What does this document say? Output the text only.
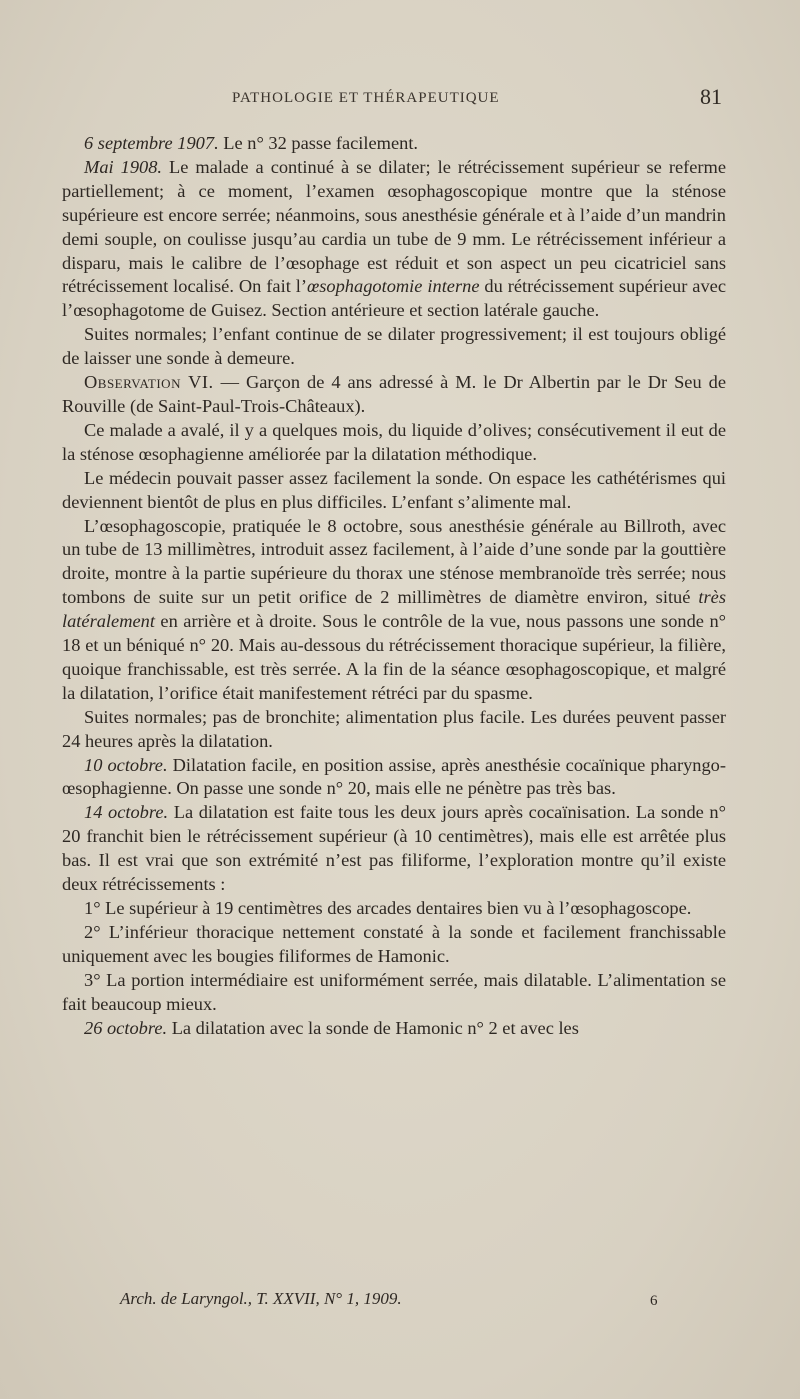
PATHOLOGIE ET THÉRAPEUTIQUE	81

6 septembre 1907. Le n° 32 passe facilement.

Mai 1908. Le malade a continué à se dilater; le rétrécissement supérieur se referme partiellement; à ce moment, l’examen œsophagoscopique montre que la sténose supérieure est encore serrée; néanmoins, sous anesthésie générale et à l’aide d’un mandrin demi souple, on coulisse jusqu’au cardia un tube de 9 mm. Le rétrécissement inférieur a disparu, mais le calibre de l’œsophage est réduit et son aspect un peu cicatriciel sans rétrécissement localisé. On fait l’œsophagotomie interne du rétrécissement supérieur avec l’œsophagotome de Guisez. Section antérieure et section latérale gauche.

Suites normales; l’enfant continue de se dilater progressivement; il est toujours obligé de laisser une sonde à demeure.

Observation VI. — Garçon de 4 ans adressé à M. le Dr Albertin par le Dr Seu de Rouville (de Saint-Paul-Trois-Châteaux).

Ce malade a avalé, il y a quelques mois, du liquide d’olives; consécutivement il eut de la sténose œsophagienne améliorée par la dilatation méthodique.

Le médecin pouvait passer assez facilement la sonde. On espace les cathétérismes qui deviennent bientôt de plus en plus difficiles. L’enfant s’alimente mal.

L’œsophagoscopie, pratiquée le 8 octobre, sous anesthésie générale au Billroth, avec un tube de 13 millimètres, introduit assez facilement, à l’aide d’une sonde par la gouttière droite, montre à la partie supérieure du thorax une sténose membranoïde très serrée; nous tombons de suite sur un petit orifice de 2 millimètres de diamètre environ, situé très latéralement en arrière et à droite. Sous le contrôle de la vue, nous passons une sonde n° 18 et un béniqué n° 20. Mais au-dessous du rétrécissement thoracique supérieur, la filière, quoique franchissable, est très serrée. A la fin de la séance œsophagoscopique, et malgré la dilatation, l’orifice était manifestement rétréci par du spasme.

Suites normales; pas de bronchite; alimentation plus facile. Les durées peuvent passer 24 heures après la dilatation.

10 octobre. Dilatation facile, en position assise, après anesthésie cocaïnique pharyngo-œsophagienne. On passe une sonde n° 20, mais elle ne pénètre pas très bas.

14 octobre. La dilatation est faite tous les deux jours après cocaïnisation. La sonde n° 20 franchit bien le rétrécissement supérieur (à 10 centimètres), mais elle est arrêtée plus bas. Il est vrai que son extrémité n’est pas filiforme, l’exploration montre qu’il existe deux rétrécissements :

1° Le supérieur à 19 centimètres des arcades dentaires bien vu à l’œsophagoscope.

2° L’inférieur thoracique nettement constaté à la sonde et facilement franchissable uniquement avec les bougies filiformes de Hamonic.

3° La portion intermédiaire est uniformément serrée, mais dilatable. L’alimentation se fait beaucoup mieux.

26 octobre. La dilatation avec la sonde de Hamonic n° 2 et avec les

Arch. de Laryngol., T. XXVII, N° 1, 1909.	6
